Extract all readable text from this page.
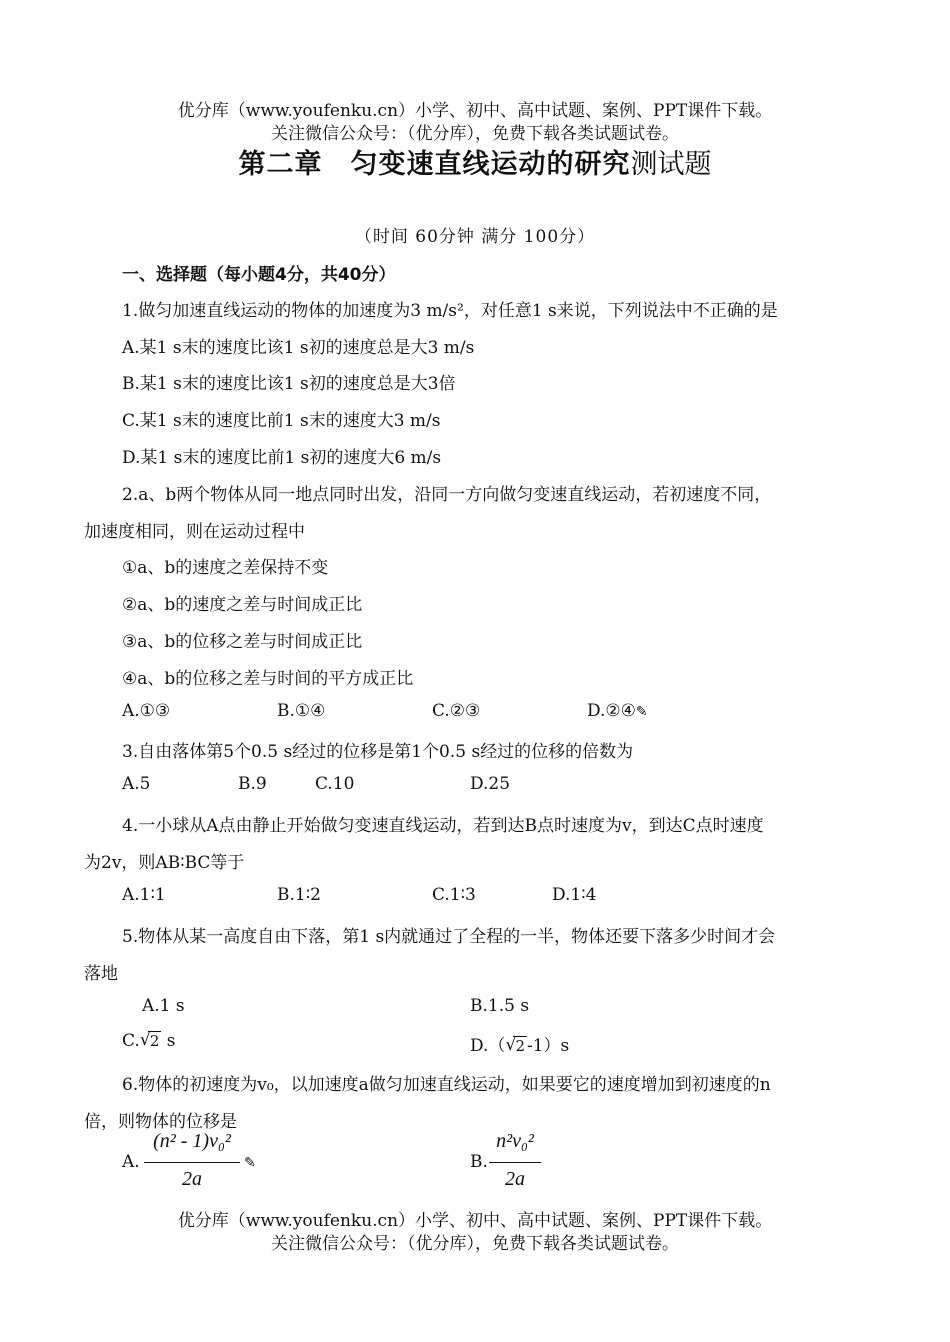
优分库（www.youfenku.cn）小学、初中、高中试题、案例、PPT课件下载。
关注微信公众号：（优分库），免费下载各类试题试卷。
第二章　匀变速直线运动的研究测试题
（时间 60分钟 满分 100分）
一、选择题（每小题4分，共40分）
1.做匀加速直线运动的物体的加速度为3 m/s²，对任意1 s来说，下列说法中不正确的是
A.某1 s末的速度比该1 s初的速度总是大3 m/s
B.某1 s末的速度比该1 s初的速度总是大3倍
C.某1 s末的速度比前1 s末的速度大3 m/s
D.某1 s末的速度比前1 s初的速度大6 m/s
2.a、b两个物体从同一地点同时出发，沿同一方向做匀变速直线运动，若初速度不同，
加速度相同，则在运动过程中
①a、b的速度之差保持不变
②a、b的速度之差与时间成正比
③a、b的位移之差与时间成正比
④a、b的位移之差与时间的平方成正比
A.①③	B.①④	C.②③	D.②④✎
3.自由落体第5个0.5 s经过的位移是第1个0.5 s经过的位移的倍数为
A.5	B.9	C.10	D.25
4.一小球从A点由静止开始做匀变速直线运动，若到达B点时速度为v，到达C点时速度
为2v，则AB∶BC等于
A.1∶1	B.1∶2	C.1∶3	D.1∶4
5.物体从某一高度自由下落，第1 s内就通过了全程的一半，物体还要下落多少时间才会
落地
A.1 s	B.1.5 s
C. √ 2 s	D.（ √ 2 -1）s
6.物体的初速度为v₀，以加速度a做匀加速直线运动，如果要它的速度增加到初速度的n
倍，则物体的位移是
A.
(n² - 1)v₀²
2a
✎	B.
n²v₀²
2a
优分库（www.youfenku.cn）小学、初中、高中试题、案例、PPT课件下载。
关注微信公众号：（优分库），免费下载各类试题试卷。
